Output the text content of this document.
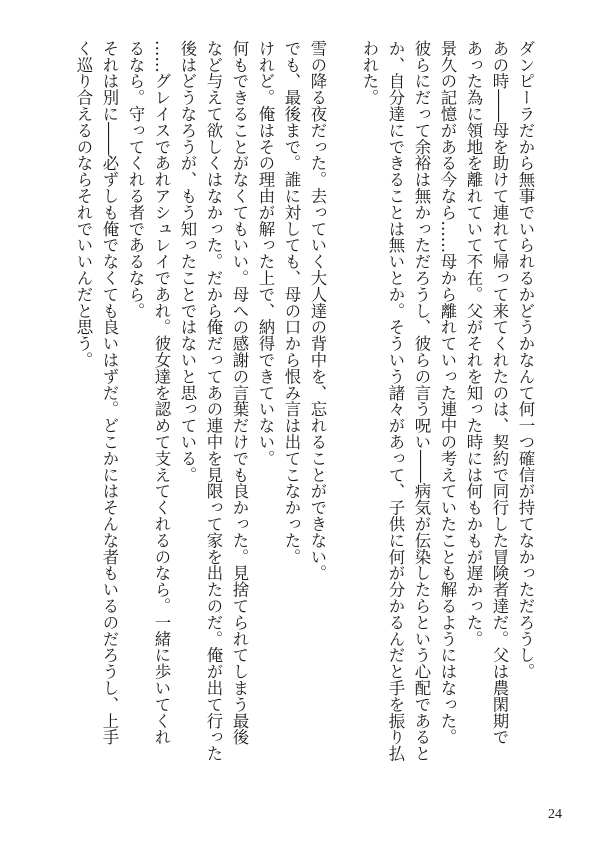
ダンピーラだから無事でいられるかどうかなんて何一つ確信が持てなかっただろうし。
あの時――母を助けて連れて帰って来てくれたのは、契約で同行した冒険者達だ。父は農閑期で
あった為に領地を離れていて不在。父がそれを知った時には何もかもが遅かった。
景久の記憶がある今なら……母から離れていった連中の考えていたことも解るようにはなった。
彼らにだって余裕は無かっただろうし、彼らの言う呪い――病気が伝染したらという心配であると
か、自分達にできることは無いとか。そういう諸々があって、子供に何が分かるんだと手を振り払
われた。
雪の降る夜だった。去っていく大人達の背中を、忘れることができない。
でも、最後まで。誰に対しても、母の口から恨み言は出てこなかった。
けれど。俺はその理由が解った上で、納得できていない。
何もできることがなくてもいい。母への感謝の言葉だけでも良かった。見捨てられてしまう最後
など与えて欲しくはなかった。だから俺だってあの連中を見限って家を出たのだ。俺が出て行った
後はどうなろうが、もう知ったことではないと思っている。
……グレイスであれアシュレイであれ。彼女達を認めて支えてくれるのなら。一緒に歩いてくれ
るなら。守ってくれる者であるなら。
それは別に――必ずしも俺でなくても良いはずだ。どこかにはそんな者もいるのだろうし、上手
く巡り合えるのならそれでいいんだと思う。
24
